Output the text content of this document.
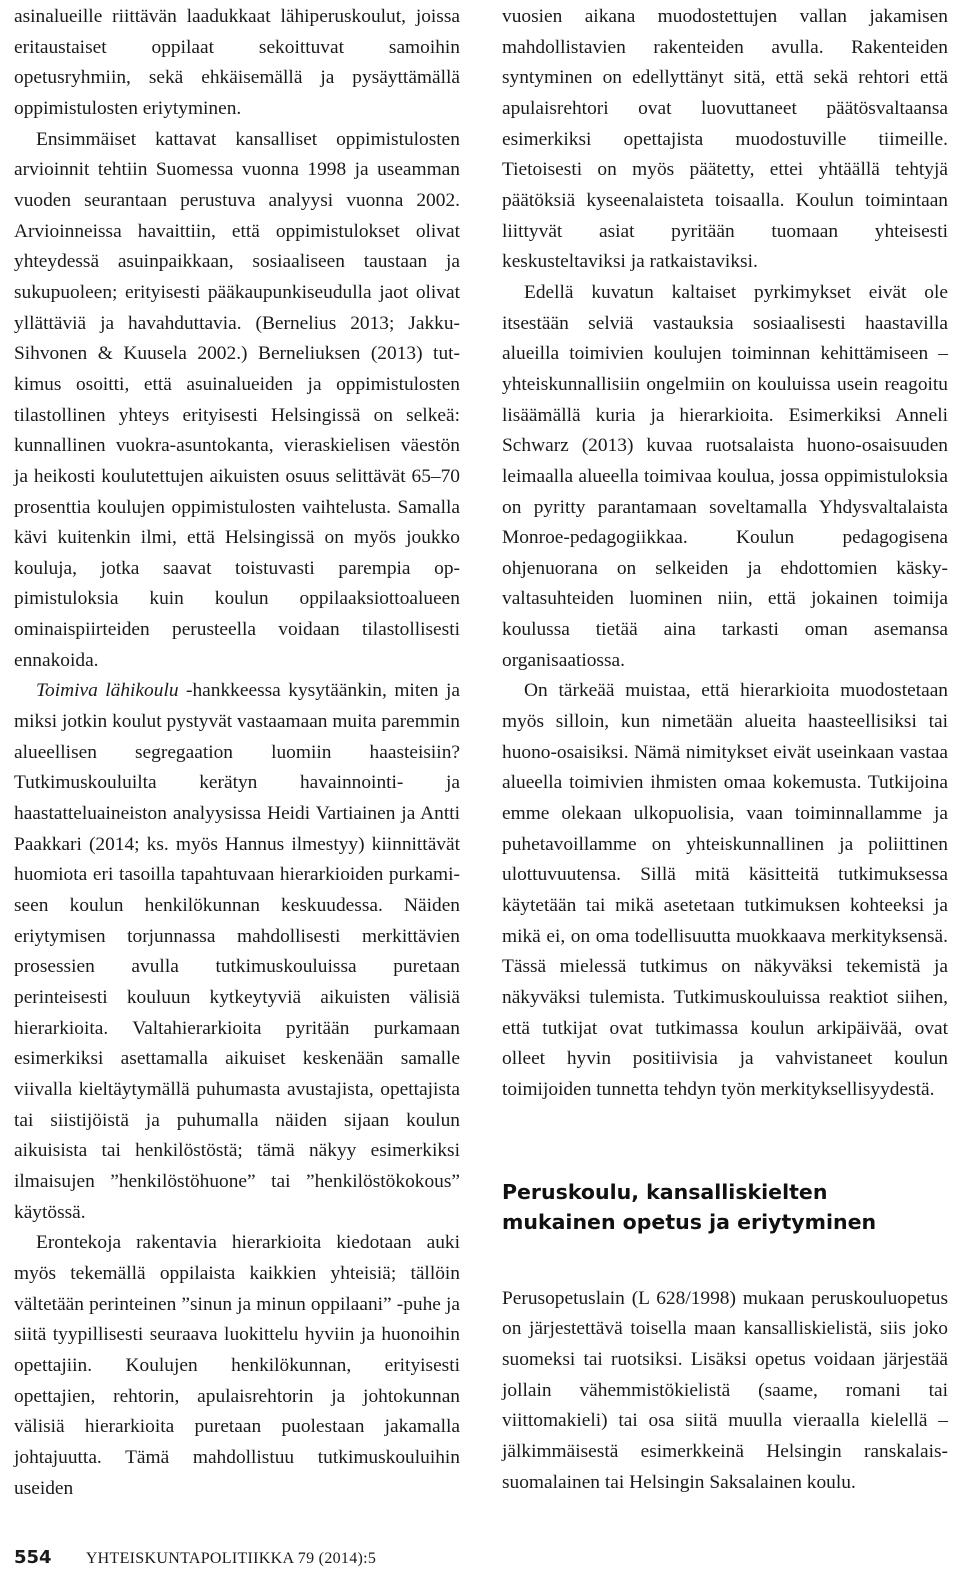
asinalueille riittävän laadukkaat lähiperuskoulut, joissa eritaustaiset oppilaat sekoittuvat samoihin opetusryhmiin, sekä ehkäisemällä ja pysäyttämällä oppimistulosten eriytyminen.

Ensimmäiset kattavat kansalliset oppimistulosten arvioinnit tehtiin Suomessa vuonna 1998 ja useamman vuoden seurantaan perustuva analyysi vuonna 2002. Arvioinneissa havaittiin, että oppimistulokset olivat yhteydessä asuinpaikkaan, sosiaaliseen taustaan ja sukupuoleen; erityisesti pääkaupunkiseudulla jaot olivat yllättäviä ja havahduttavia. (Bernelius 2013; Jakku-Sihvonen & Kuusela 2002.) Berneliuksen (2013) tutkimus osoitti, että asuinalueiden ja oppimistulosten tilastollinen yhteys erityisesti Helsingissä on selkeä: kunnallinen vuokra-asuntokanta, vieraskielisen väestön ja heikosti koulutettujen aikuisten osuus selittävät 65–70 prosenttia koulujen oppimistulosten vaihtelusta. Samalla kävi kuitenkin ilmi, että Helsingissä on myös joukko kouluja, jotka saavat toistuvasti parempia oppimistuloksia kuin koulun oppilaaksiottoalueen ominaispiirteiden perusteella voidaan tilastollisesti ennakoida.

Toimiva lähikoulu -hankkeessa kysytäänkin, miten ja miksi jotkin koulut pystyvät vastaamaan muita paremmin alueellisen segregaation luomiin haasteisiin? Tutkimuskouluilta kerätyn havainnointi- ja haastatteluaineiston analyysissa Heidi Vartiainen ja Antti Paakkari (2014; ks. myös Hannus ilmestyy) kiinnittävät huomiota eri tasoilla tapahtuvaan hierarkioiden purkamiseen koulun henkilökunnan keskuudessa. Näiden eriytymisen torjunnassa mahdollisesti merkittävien prosessien avulla tutkimuskouluissa puretaan perinteisesti kouluun kytkeytyviä aikuisten välisiä hierarkioita. Valtahierarkioita pyritään purkamaan esimerkiksi asettamalla aikuiset keskenään samalle viivalla kieltäytymällä puhumasta avustajista, opettajista tai siistijöistä ja puhumalla näiden sijaan koulun aikuisista tai henkilöstöstä; tämä näkyy esimerkiksi ilmaisujen ”henkilöstöhuone” tai ”henkilöstökokous” käytössä.

Erontekoja rakentavia hierarkioita kiedotaan auki myös tekemällä oppilaista kaikkien yhteisiä; tällöin vältetään perinteinen ”sinun ja minun oppilaani” -puhe ja siitä tyypillisesti seuraava luokittelu hyviin ja huonoihin opettajiin. Koulujen henkilökunnan, erityisesti opettajien, rehtorin, apulaisrehtorin ja johtokunnan välisiä hierarkioita puretaan puolestaan jakamalla johtajuutta. Tämä mahdollistuu tutkimuskouluihin useiden

vuosien aikana muodostettujen vallan jakamisen mahdollistavien rakenteiden avulla. Rakenteiden syntyminen on edellyttänyt sitä, että sekä rehtori että apulaisrehtori ovat luovuttaneet päätösvaltaansa esimerkiksi opettajista muodostuville tiimeille. Tietoisesti on myös päätetty, ettei yhtäällä tehtyjä päätöksiä kyseenalaisteta toisaalla. Koulun toimintaan liittyvät asiat pyritään tuomaan yhteisesti keskusteltaviksi ja ratkaistaviksi.

Edellä kuvatun kaltaiset pyrkimykset eivät ole itsestään selviä vastauksia sosiaalisesti haastavilla alueilla toimivien koulujen toiminnan kehittämiseen – yhteiskunnallisiin ongelmiin on kouluissa usein reagoitu lisäämällä kuria ja hierarkioita. Esimerkiksi Anneli Schwarz (2013) kuvaa ruotsalaista huono-osaisuuden leimaalla alueella toimivaa koulua, jossa oppimistuloksia on pyritty parantamaan soveltamalla Yhdysvaltalaista Monroe-pedagogiikkaa. Koulun pedagogisena ohjenuorana on selkeiden ja ehdottomien käskyvaltasuhteiden luominen niin, että jokainen toimija koulussa tietää aina tarkasti oman asemansa organisaatiossa.

On tärkeää muistaa, että hierarkioita muodostetaan myös silloin, kun nimetään alueita haasteellisiksi tai huono-osaisiksi. Nämä nimitykset eivät useinkaan vastaa alueella toimivien ihmisten omaa kokemusta. Tutkijoina emme olekaan ulkopuolisia, vaan toiminnallamme ja puhetavoillamme on yhteiskunnallinen ja poliittinen ulottuvuutensa. Sillä mitä käsitteitä tutkimuksessa käytetään tai mikä asetetaan tutkimuksen kohteeksi ja mikä ei, on oma todellisuutta muokkaava merkityksensä. Tässä mielessä tutkimus on näkyväksi tekemistä ja näkyväksi tulemista. Tutkimuskouluissa reaktiot siihen, että tutkijat ovat tutkimassa koulun arkipäivää, ovat olleet hyvin positiivisia ja vahvistaneet koulun toimijoiden tunnetta tehdyn työn merkityksellisyydestä.

Peruskoulu, kansalliskielten mukainen opetus ja eriytyminen

Perusopetuslain (L 628/1998) mukaan peruskouluopetus on järjestettävä toisella maan kansalliskielistä, siis joko suomeksi tai ruotsiksi. Lisäksi opetus voidaan järjestää jollain vähemmistökielistä (saame, romani tai viittomakieli) tai osa siitä muulla vieraalla kielellä – jälkimmäisestä esimerkkeinä Helsingin ranskalais-suomalainen tai Helsingin Saksalainen koulu.

554 YHTEISKUNTAPOLITIIKKA 79 (2014):5
